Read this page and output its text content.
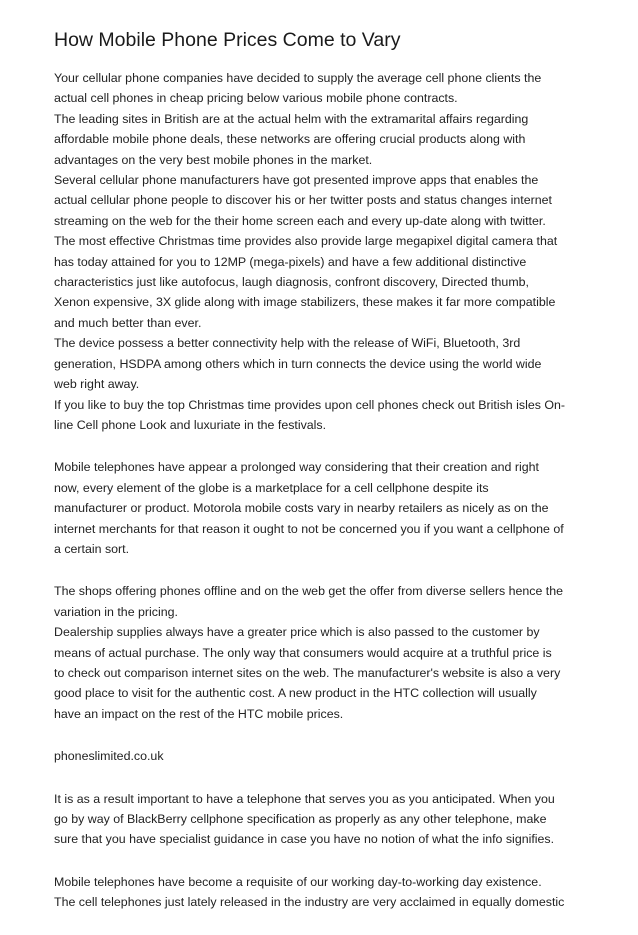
How Mobile Phone Prices Come to Vary
Your cellular phone companies have decided to supply the average cell phone clients the
actual cell phones in cheap pricing below various mobile phone contracts.
The leading sites in British are at the actual helm with the extramarital affairs regarding
affordable mobile phone deals, these networks are offering crucial products along with
advantages on the very best mobile phones in the market.
Several cellular phone manufacturers have got presented improve apps that enables the
actual cellular phone people to discover his or her twitter posts and status changes internet
streaming on the web for the their home screen each and every up-date along with twitter.
The most effective Christmas time provides also provide large megapixel digital camera that
has today attained for you to 12MP (mega-pixels) and have a few additional distinctive
characteristics just like autofocus, laugh diagnosis, confront discovery, Directed thumb,
Xenon expensive, 3X glide along with image stabilizers, these makes it far more compatible
and much better than ever.
The device possess a better connectivity help with the release of WiFi, Bluetooth, 3rd
generation, HSDPA among others which in turn connects the device using the world wide
web right away.
If you like to buy the top Christmas time provides upon cell phones check out British isles On-
line Cell phone Look and luxuriate in the festivals.
Mobile telephones have appear a prolonged way considering that their creation and right
now, every element of the globe is a marketplace for a cell cellphone despite its
manufacturer or product. Motorola mobile costs vary in nearby retailers as nicely as on the
internet merchants for that reason it ought to not be concerned you if you want a cellphone of
a certain sort.
The shops offering phones offline and on the web get the offer from diverse sellers hence the
variation in the pricing.
Dealership supplies always have a greater price which is also passed to the customer by
means of actual purchase. The only way that consumers would acquire at a truthful price is
to check out comparison internet sites on the web. The manufacturer's website is also a very
good place to visit for the authentic cost. A new product in the HTC collection will usually
have an impact on the rest of the HTC mobile prices.
phoneslimited.co.uk
It is as a result important to have a telephone that serves you as you anticipated. When you
go by way of BlackBerry cellphone specification as properly as any other telephone, make
sure that you have specialist guidance in case you have no notion of what the info signifies.
Mobile telephones have become a requisite of our working day-to-working day existence.
The cell telephones just lately released in the industry are very acclaimed in equally domestic
